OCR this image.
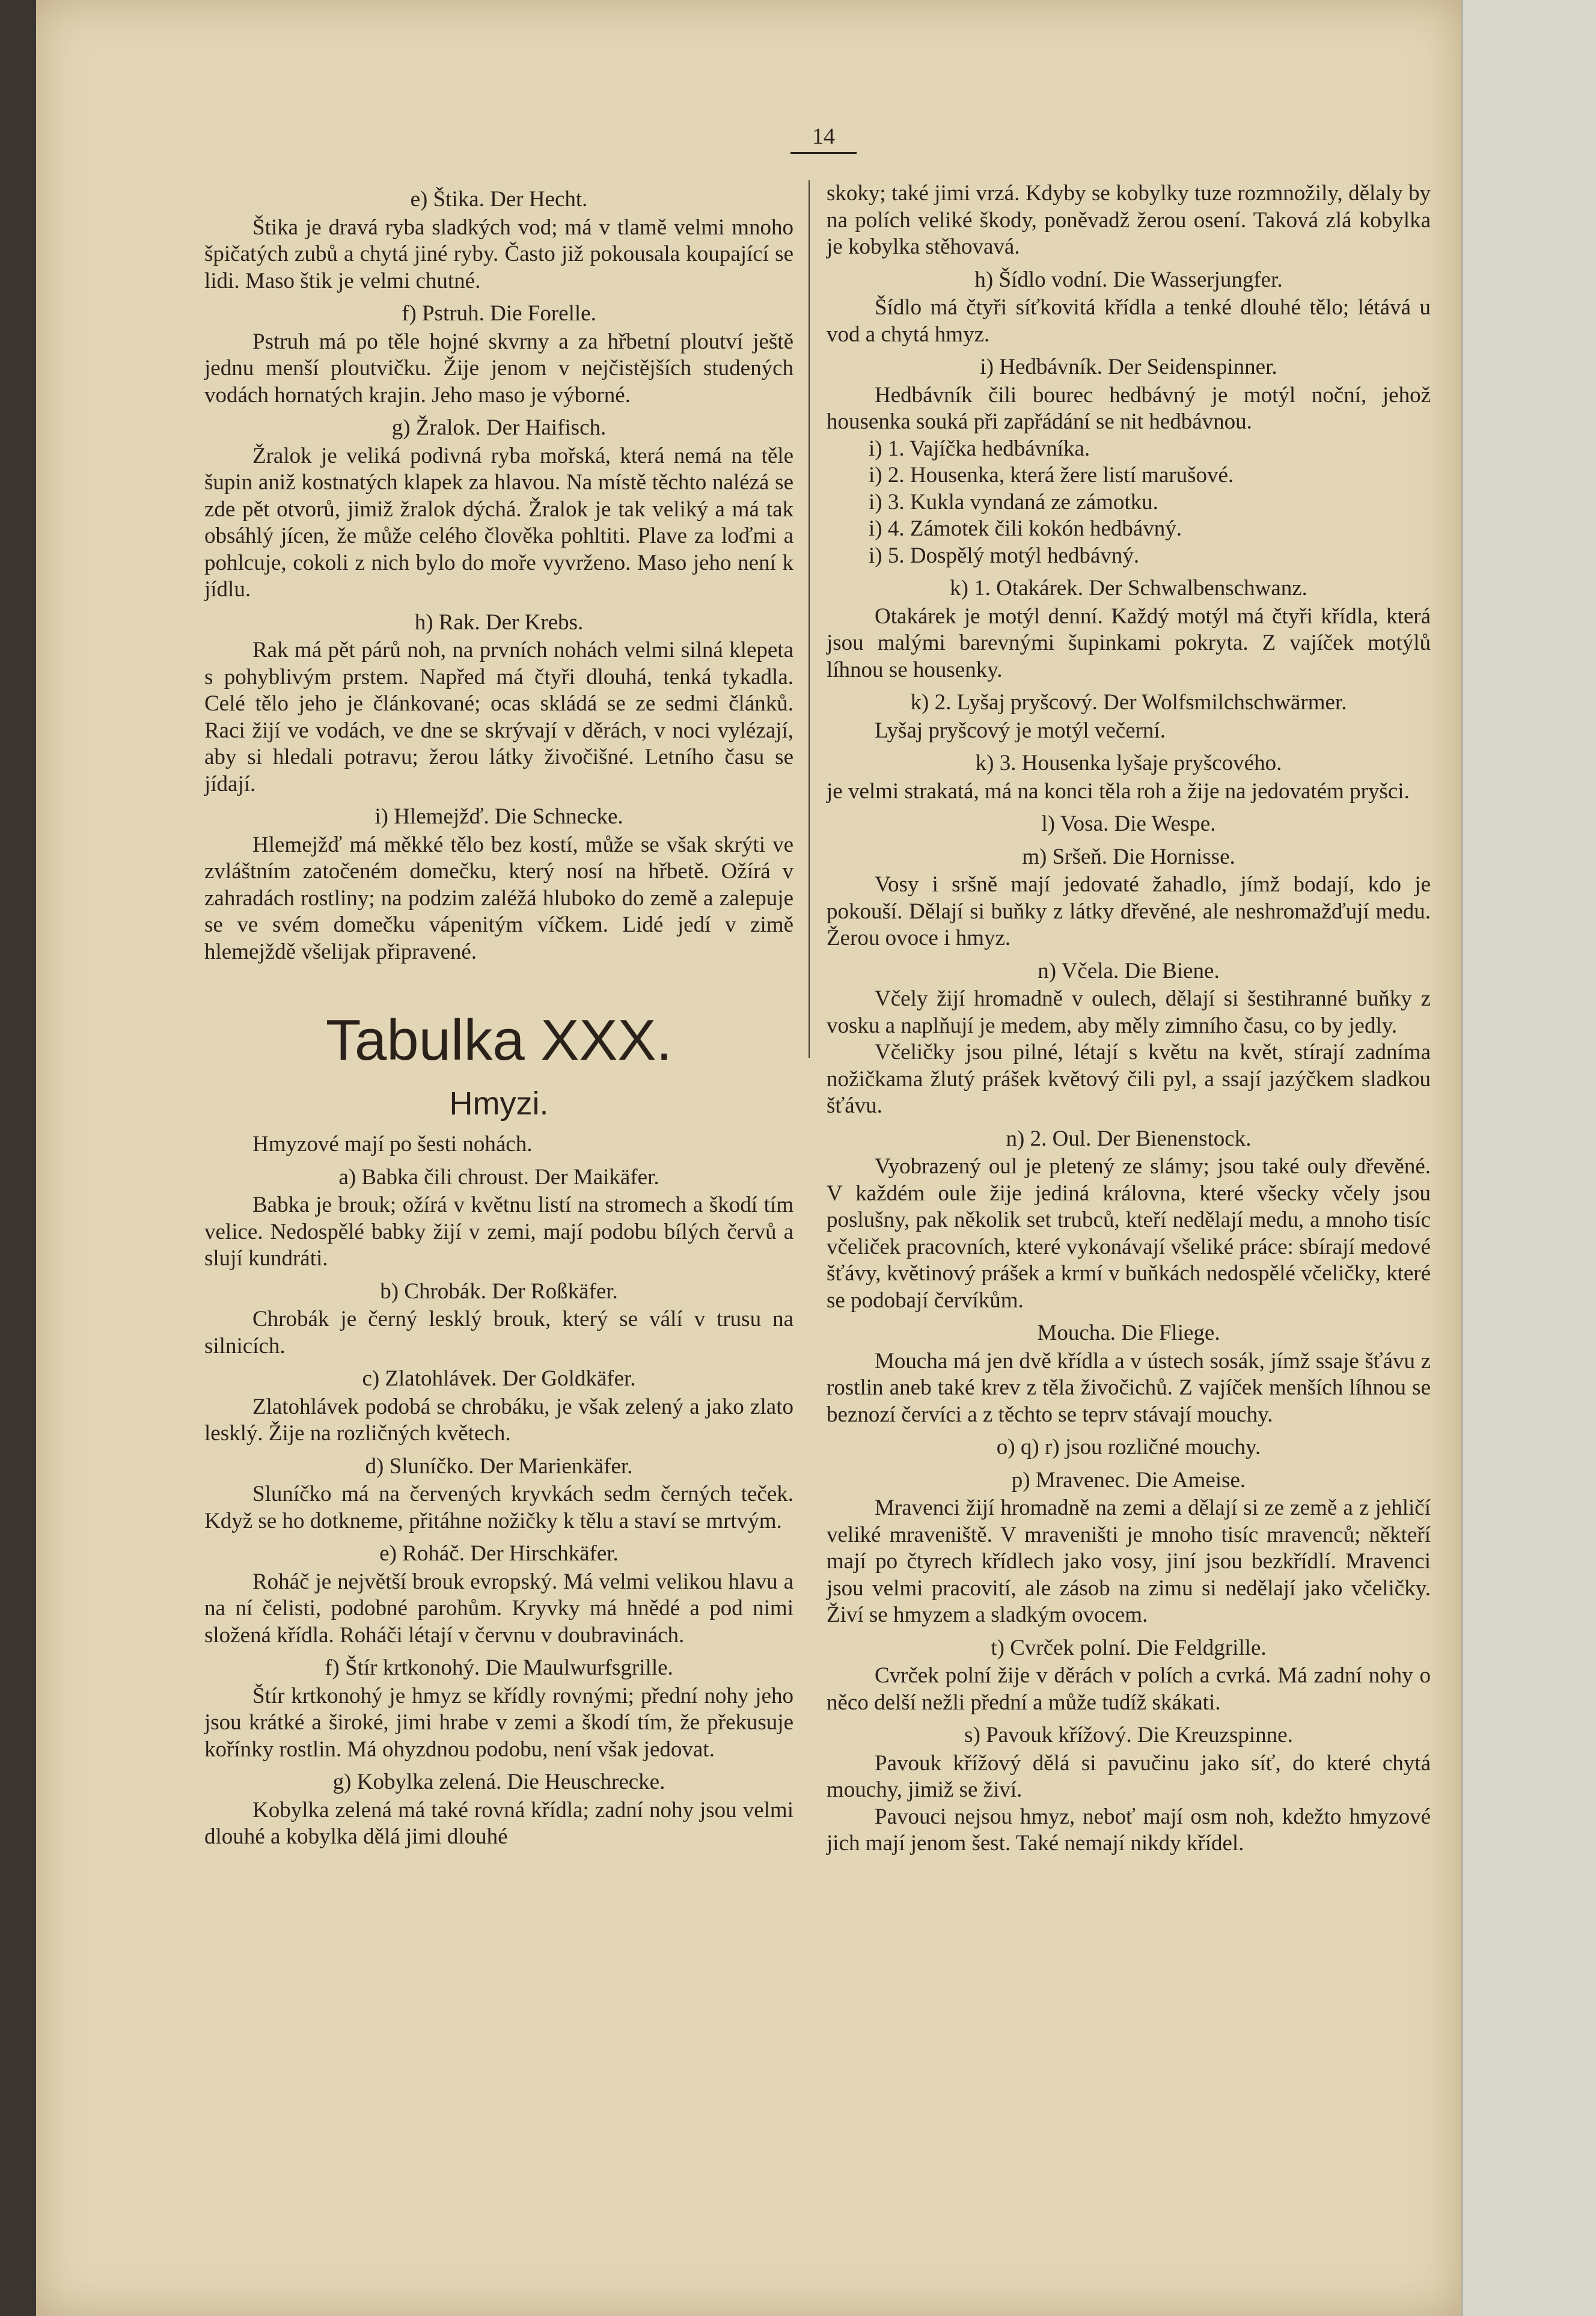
14

e) Štika. Der Hecht.

Štika je dravá ryba sladkých vod; má v tlamě velmi mnoho špičatých zubů a chytá jiné ryby. Často již pokousala koupající se lidi. Maso štik je velmi chutné.

f) Pstruh. Die Forelle.

Pstruh má po těle hojné skvrny a za hřbetní ploutví ještě jednu menší ploutvičku. Žije jenom v nejčistějších studených vodách hornatých krajin. Jeho maso je výborné.

g) Žralok. Der Haifisch.

Žralok je veliká podivná ryba mořská, která nemá na těle šupin aniž kostnatých klapek za hlavou. Na místě těchto nalézá se zde pět otvorů, jimiž žralok dýchá. Žralok je tak veliký a má tak obsáhlý jícen, že může celého člověka pohltiti. Plave za loďmi a pohlcuje, cokoli z nich bylo do moře vyvrženo. Maso jeho není k jídlu.

h) Rak. Der Krebs.

Rak má pět párů noh, na prvních nohách velmi silná klepeta s pohyblivým prstem. Napřed má čtyři dlouhá, tenká tykadla. Celé tělo jeho je článkované; ocas skládá se ze sedmi článků. Raci žijí ve vodách, ve dne se skrývají v děrách, v noci vylézají, aby si hledali potravu; žerou látky živočišné. Letního času se jídají.

i) Hlemejžď. Die Schnecke.

Hlemejžď má měkké tělo bez kostí, může se však skrýti ve zvláštním zatočeném domečku, který nosí na hřbetě. Ožírá v zahradách rostliny; na podzim zaléžá hluboko do země a zalepuje se ve svém domečku vápenitým víčkem. Lidé jedí v zimě hlemejždě všelijak připravené.

Tabulka XXX.
Hmyzi.

Hmyzové mají po šesti nohách.

a) Babka čili chroust. Der Maikäfer.

Babka je brouk; ožírá v květnu listí na stromech a škodí tím velice. Nedospělé babky žijí v zemi, mají podobu bílých červů a slují kundráti.

b) Chrobák. Der Roßkäfer.

Chrobák je černý lesklý brouk, který se válí v trusu na silnicích.

c) Zlatohlávek. Der Goldkäfer.

Zlatohlávek podobá se chrobáku, je však zelený a jako zlato lesklý. Žije na rozličných květech.

d) Sluníčko. Der Marienkäfer.

Sluníčko má na červených kryvkách sedm černých teček. Když se ho dotkneme, přitáhne nožičky k tělu a staví se mrtvým.

e) Roháč. Der Hirschkäfer.

Roháč je největší brouk evropský. Má velmi velikou hlavu a na ní čelisti, podobné parohům. Kryvky má hnědé a pod nimi složená křídla. Roháči létají v červnu v doubravinách.

f) Štír krtkonohý. Die Maulwurfsgrille.

Štír krtkonohý je hmyz se křídly rovnými; přední nohy jeho jsou krátké a široké, jimi hrabe v zemi a škodí tím, že překusuje kořínky rostlin. Má ohyzdnou podobu, není však jedovat.

g) Kobylka zelená. Die Heuschrecke.

Kobylka zelená má také rovná křídla; zadní nohy jsou velmi dlouhé a kobylka dělá jimi dlouhé

skoky; také jimi vrzá. Kdyby se kobylky tuze rozmnožily, dělaly by na polích veliké škody, poněvadž žerou osení. Taková zlá kobylka je kobylka stěhovavá.

h) Šídlo vodní. Die Wasserjungfer.

Šídlo má čtyři síťkovitá křídla a tenké dlouhé tělo; létává u vod a chytá hmyz.

i) Hedbávník. Der Seidenspinner.

Hedbávník čili bourec hedbávný je motýl noční, jehož housenka souká při zapřádání se nit hedbávnou.

i) 1. Vajíčka hedbávníka.

i) 2. Housenka, která žere listí marušové.

i) 3. Kukla vyndaná ze zámotku.

i) 4. Zámotek čili kokón hedbávný.

i) 5. Dospělý motýl hedbávný.

k) 1. Otakárek. Der Schwalbenschwanz.

Otakárek je motýl denní. Každý motýl má čtyři křídla, která jsou malými barevnými šupinkami pokryta. Z vajíček motýlů líhnou se housenky.

k) 2. Lyšaj pryšcový. Der Wolfsmilchschwärmer.

Lyšaj pryšcový je motýl večerní.

k) 3. Housenka lyšaje pryšcového.

je velmi strakatá, má na konci těla roh a žije na jedovatém pryšci.

l) Vosa. Die Wespe.

m) Sršeň. Die Hornisse.

Vosy i sršně mají jedovaté žahadlo, jímž bodají, kdo je pokouší. Dělají si buňky z látky dřevěné, ale neshromažďují medu. Žerou ovoce i hmyz.

n) Včela. Die Biene.

Včely žijí hromadně v oulech, dělají si šestihranné buňky z vosku a naplňují je medem, aby měly zimního času, co by jedly.

Včeličky jsou pilné, létají s květu na květ, stírají zadníma nožičkama žlutý prášek květový čili pyl, a ssají jazýčkem sladkou šťávu.

n) 2. Oul. Der Bienenstock.

Vyobrazený oul je pletený ze slámy; jsou také ouly dřevěné. V každém oule žije jediná královna, které všecky včely jsou poslušny, pak několik set trubců, kteří nedělají medu, a mnoho tisíc včeliček pracovních, které vykonávají všeliké práce: sbírají medové šťávy, květinový prášek a krmí v buňkách nedospělé včeličky, které se podobají červíkům.

Moucha. Die Fliege.

Moucha má jen dvě křídla a v ústech sosák, jímž ssaje šťávu z rostlin aneb také krev z těla živočichů. Z vajíček menších líhnou se beznozí červíci a z těchto se teprv stávají mouchy.

o) q) r) jsou rozličné mouchy.

p) Mravenec. Die Ameise.

Mravenci žijí hromadně na zemi a dělají si ze země a z jehličí veliké mraveniště. V mraveništi je mnoho tisíc mravenců; někteří mají po čtyrech křídlech jako vosy, jiní jsou bezkřídlí. Mravenci jsou velmi pracovití, ale zásob na zimu si nedělají jako včeličky. Živí se hmyzem a sladkým ovocem.

t) Cvrček polní. Die Feldgrille.

Cvrček polní žije v děrách v polích a cvrká. Má zadní nohy o něco delší nežli přední a může tudíž skákati.

s) Pavouk křížový. Die Kreuzspinne.

Pavouk křížový dělá si pavučinu jako síť, do které chytá mouchy, jimiž se živí.

Pavouci nejsou hmyz, neboť mají osm noh, kdežto hmyzové jich mají jenom šest. Také nemají nikdy křídel.
